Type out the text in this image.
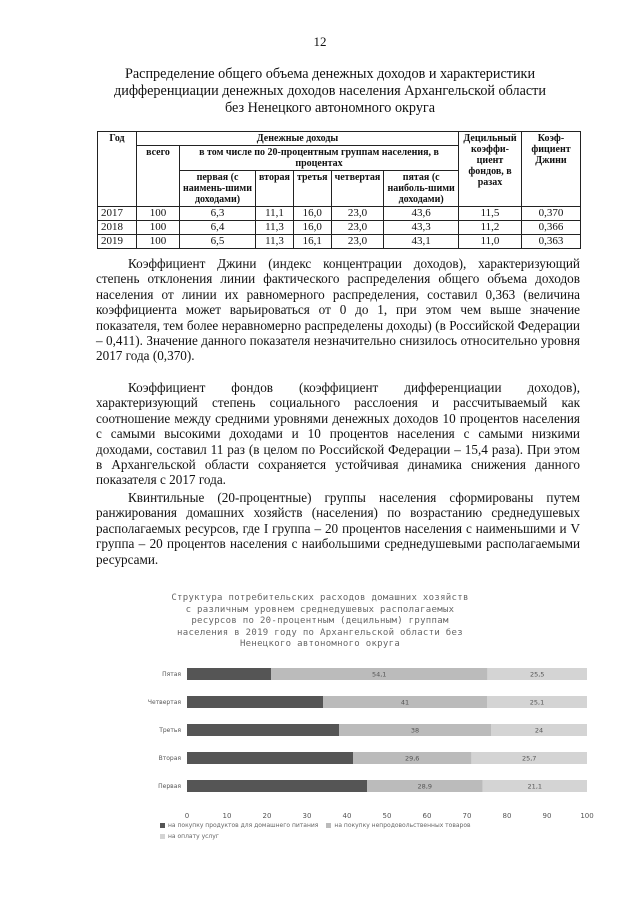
12
Распределение общего объема денежных доходов и характеристики
дифференциации денежных доходов населения Архангельской области
без Ненецкого автономного округа
Год	Денежные доходы						Децильный коэффи-циент фондов, в разах	Коэф-фициент Джини
	всего	в том числе по 20-процентным группам населения, в процентах						
		первая (с наимень-шими доходами)	вторая	третья	четвертая	пятая (с наиболь-шими доходами)		
2017	100	6,3	11,1	16,0	23,0	43,6	11,5	0,370
2018	100	6,4	11,3	16,0	23,0	43,3	11,2	0,366
2019	100	6,5	11,3	16,1	23,0	43,1	11,0	0,363

Коэффициент Джини (индекс концентрации доходов), характеризующий степень отклонения линии фактического распределения общего объема доходов населения от линии их равномерного распределения, составил 0,363 (величина коэффициента может варьироваться от 0 до 1, при этом чем выше значение показателя, тем более неравномерно распределены доходы) (в Российской Федерации – 0,411). Значение данного показателя незначительно снизилось относительно уровня 2017 года (0,370).

Коэффициент фондов (коэффициент дифференциации доходов), характеризующий степень социального расслоения и рассчитываемый как соотношение между средними уровнями денежных доходов 10 процентов населения с самыми высокими доходами и 10 процентов населения с самыми низкими доходами, составил 11 раз (в целом по Российской Федерации – 15,4 раза). При этом в Архангельской области сохраняется устойчивая динамика снижения данного показателя с 2017 года.

Квинтильные (20-процентные) группы населения сформированы путем ранжирования домашних хозяйств (населения) по возрастанию среднедушевых располагаемых ресурсов, где I группа – 20 процентов населения с наименьшими и V группа – 20 процентов населения с наибольшими среднедушевыми располагаемыми ресурсами.

Структура потребительских расходов домашних хозяйств
с различным уровнем среднедушевых располагаемых
ресурсов по 20-процентным (децильным) группам
населения в 2019 году по Архангельской области без
Ненецкого автономного округа
Пятая	54,1	25,5
Четвертая	41	25,1
Третья	38	24
Вторая	29,6	25,7
Первая	28,9	21,1
0	10	20	30	40	50	60	70	80	90	100
на покупку продуктов для домашнего питания	на покупку непродовольственных товаров
на оплату услуг
